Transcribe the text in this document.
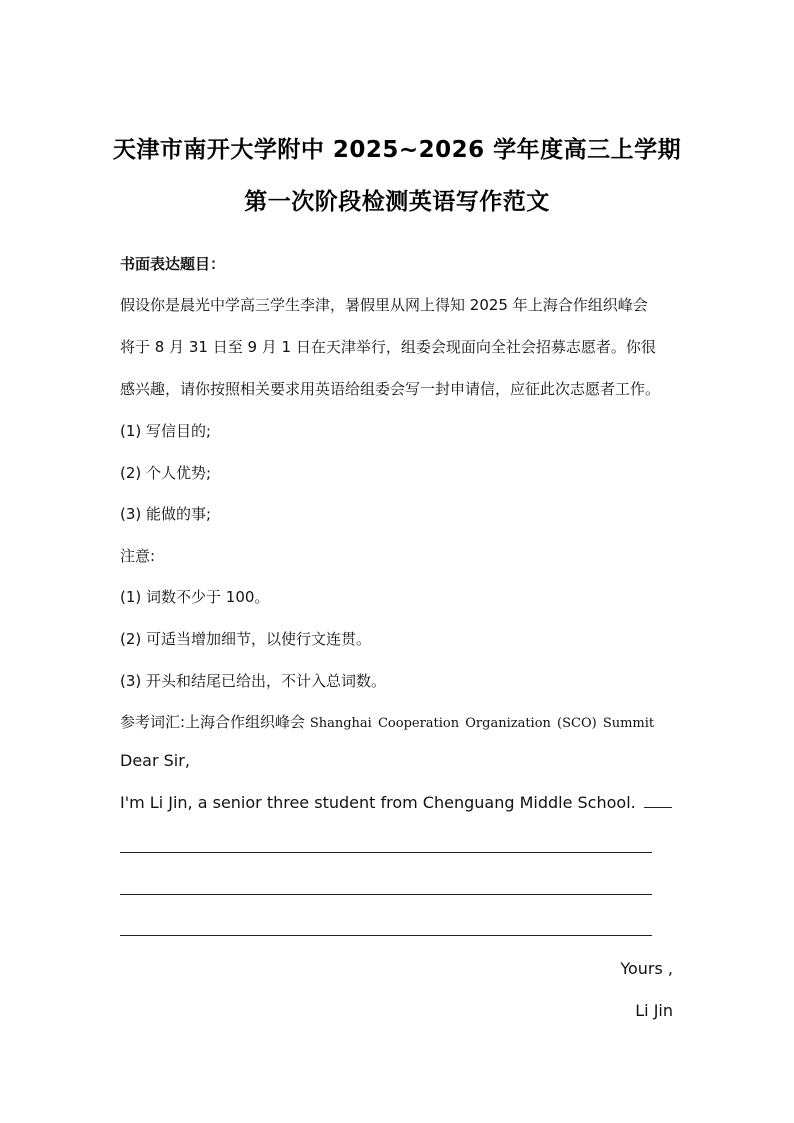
天津市南开大学附中 2025~2026 学年度高三上学期
第一次阶段检测英语写作范文
书面表达题目：
假设你是晨光中学高三学生李津，暑假里从网上得知 2025 年上海合作组织峰会
将于 8 月 31 日至 9 月 1 日在天津举行，组委会现面向全社会招募志愿者。你很
感兴趣，请你按照相关要求用英语给组委会写一封申请信，应征此次志愿者工作。
(1) 写信目的;
(2) 个人优势;
(3) 能做的事;
注意:
(1) 词数不少于 100。
(2) 可适当增加细节，以使行文连贯。
(3) 开头和结尾已给出，不计入总词数。
参考词汇:上海合作组织峰会 Shanghai Cooperation Organization (SCO) Summit
Dear Sir,
I'm Li Jin, a senior three student from Chenguang Middle School.
Yours ,
Li Jin
